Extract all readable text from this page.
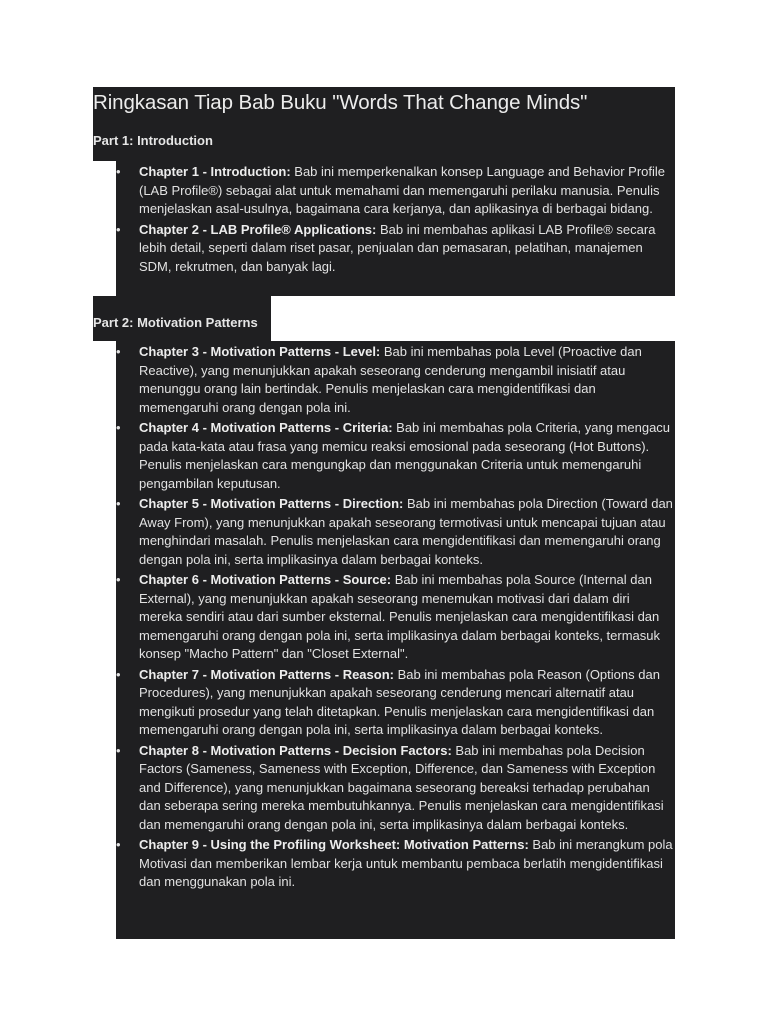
Ringkasan Tiap Bab Buku "Words That Change Minds"
Part 1: Introduction
• Chapter 1 - Introduction: Bab ini memperkenalkan konsep Language and Behavior Profile (LAB Profile®) sebagai alat untuk memahami dan memengaruhi perilaku manusia. Penulis menjelaskan asal-usulnya, bagaimana cara kerjanya, dan aplikasinya di berbagai bidang.
• Chapter 2 - LAB Profile® Applications: Bab ini membahas aplikasi LAB Profile® secara lebih detail, seperti dalam riset pasar, penjualan dan pemasaran, pelatihan, manajemen SDM, rekrutmen, dan banyak lagi.
Part 2: Motivation Patterns
• Chapter 3 - Motivation Patterns - Level: Bab ini membahas pola Level (Proactive dan Reactive), yang menunjukkan apakah seseorang cenderung mengambil inisiatif atau menunggu orang lain bertindak. Penulis menjelaskan cara mengidentifikasi dan memengaruhi orang dengan pola ini.
• Chapter 4 - Motivation Patterns - Criteria: Bab ini membahas pola Criteria, yang mengacu pada kata-kata atau frasa yang memicu reaksi emosional pada seseorang (Hot Buttons). Penulis menjelaskan cara mengungkap dan menggunakan Criteria untuk memengaruhi pengambilan keputusan.
• Chapter 5 - Motivation Patterns - Direction: Bab ini membahas pola Direction (Toward dan Away From), yang menunjukkan apakah seseorang termotivasi untuk mencapai tujuan atau menghindari masalah. Penulis menjelaskan cara mengidentifikasi dan memengaruhi orang dengan pola ini, serta implikasinya dalam berbagai konteks.
• Chapter 6 - Motivation Patterns - Source: Bab ini membahas pola Source (Internal dan External), yang menunjukkan apakah seseorang menemukan motivasi dari dalam diri mereka sendiri atau dari sumber eksternal. Penulis menjelaskan cara mengidentifikasi dan memengaruhi orang dengan pola ini, serta implikasinya dalam berbagai konteks, termasuk konsep "Macho Pattern" dan "Closet External".
• Chapter 7 - Motivation Patterns - Reason: Bab ini membahas pola Reason (Options dan Procedures), yang menunjukkan apakah seseorang cenderung mencari alternatif atau mengikuti prosedur yang telah ditetapkan. Penulis menjelaskan cara mengidentifikasi dan memengaruhi orang dengan pola ini, serta implikasinya dalam berbagai konteks.
• Chapter 8 - Motivation Patterns - Decision Factors: Bab ini membahas pola Decision Factors (Sameness, Sameness with Exception, Difference, dan Sameness with Exception and Difference), yang menunjukkan bagaimana seseorang bereaksi terhadap perubahan dan seberapa sering mereka membutuhkannya. Penulis menjelaskan cara mengidentifikasi dan memengaruhi orang dengan pola ini, serta implikasinya dalam berbagai konteks.
• Chapter 9 - Using the Profiling Worksheet: Motivation Patterns: Bab ini merangkum pola Motivasi dan memberikan lembar kerja untuk membantu pembaca berlatih mengidentifikasi dan menggunakan pola ini.
